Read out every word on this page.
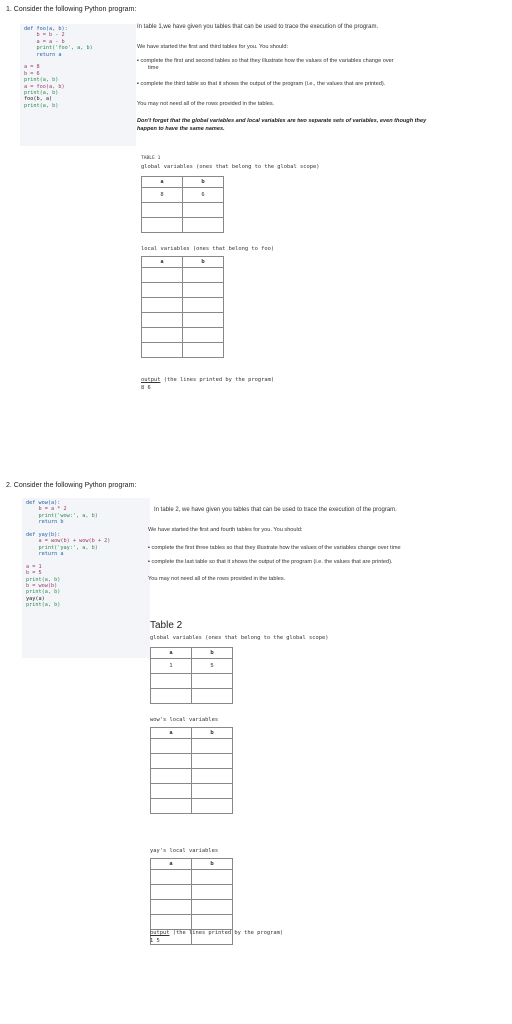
1. Consider the following Python program:
def foo(a, b):
b = b - 2
a = a - b
print('foo', a, b)
return a
a = 8
b = 6
print(a, b)
a = foo(a, b)
print(a, b)
foo(b, a)
print(a, b)
In table 1,we have given you tables that can be used to trace the execution of the program.
We have started the first and third tables for you. You should:
▪ complete the first and second tables so that they illustrate how the values of the variables change over
time
▪ complete the third table so that it shows the output of the program (i.e., the values that are printed).
You may not need all of the rows provided in the tables.
Don't forget that the global variables and local variables are two separate sets of variables, even though they
happen to have the same names.
TABLE 1
global variables (ones that belong to the global scope)
a	b
8	6

local variables (ones that belong to foo)
a	b

output (the lines printed by the program)
8 6
2. Consider the following Python program:
def wow(a):
b = a * 2
print('wow:', a, b)
return b
def yay(b):
a = wow(b) + wow(b + 2)
print('yay:', a, b)
return a
a = 1
b = 5
print(a, b)
b = wow(b)
print(a, b)
yay(a)
print(a, b)
In table 2, we have given you tables that can be used to trace the execution of the program.
We have started the first and fourth tables for you. You should:
▪ complete the first three tables so that they illustrate how the values of the variables change over time
▪ complete the last table so that it shows the output of the program (i.e. the values that are printed).
You may not need all of the rows provided in the tables.
Table 2
global variables (ones that belong to the global scope)
a	b
1	5

wow's local variables
a	b

yay's local variables
a	b

output (the lines printed by the program)
1 5
